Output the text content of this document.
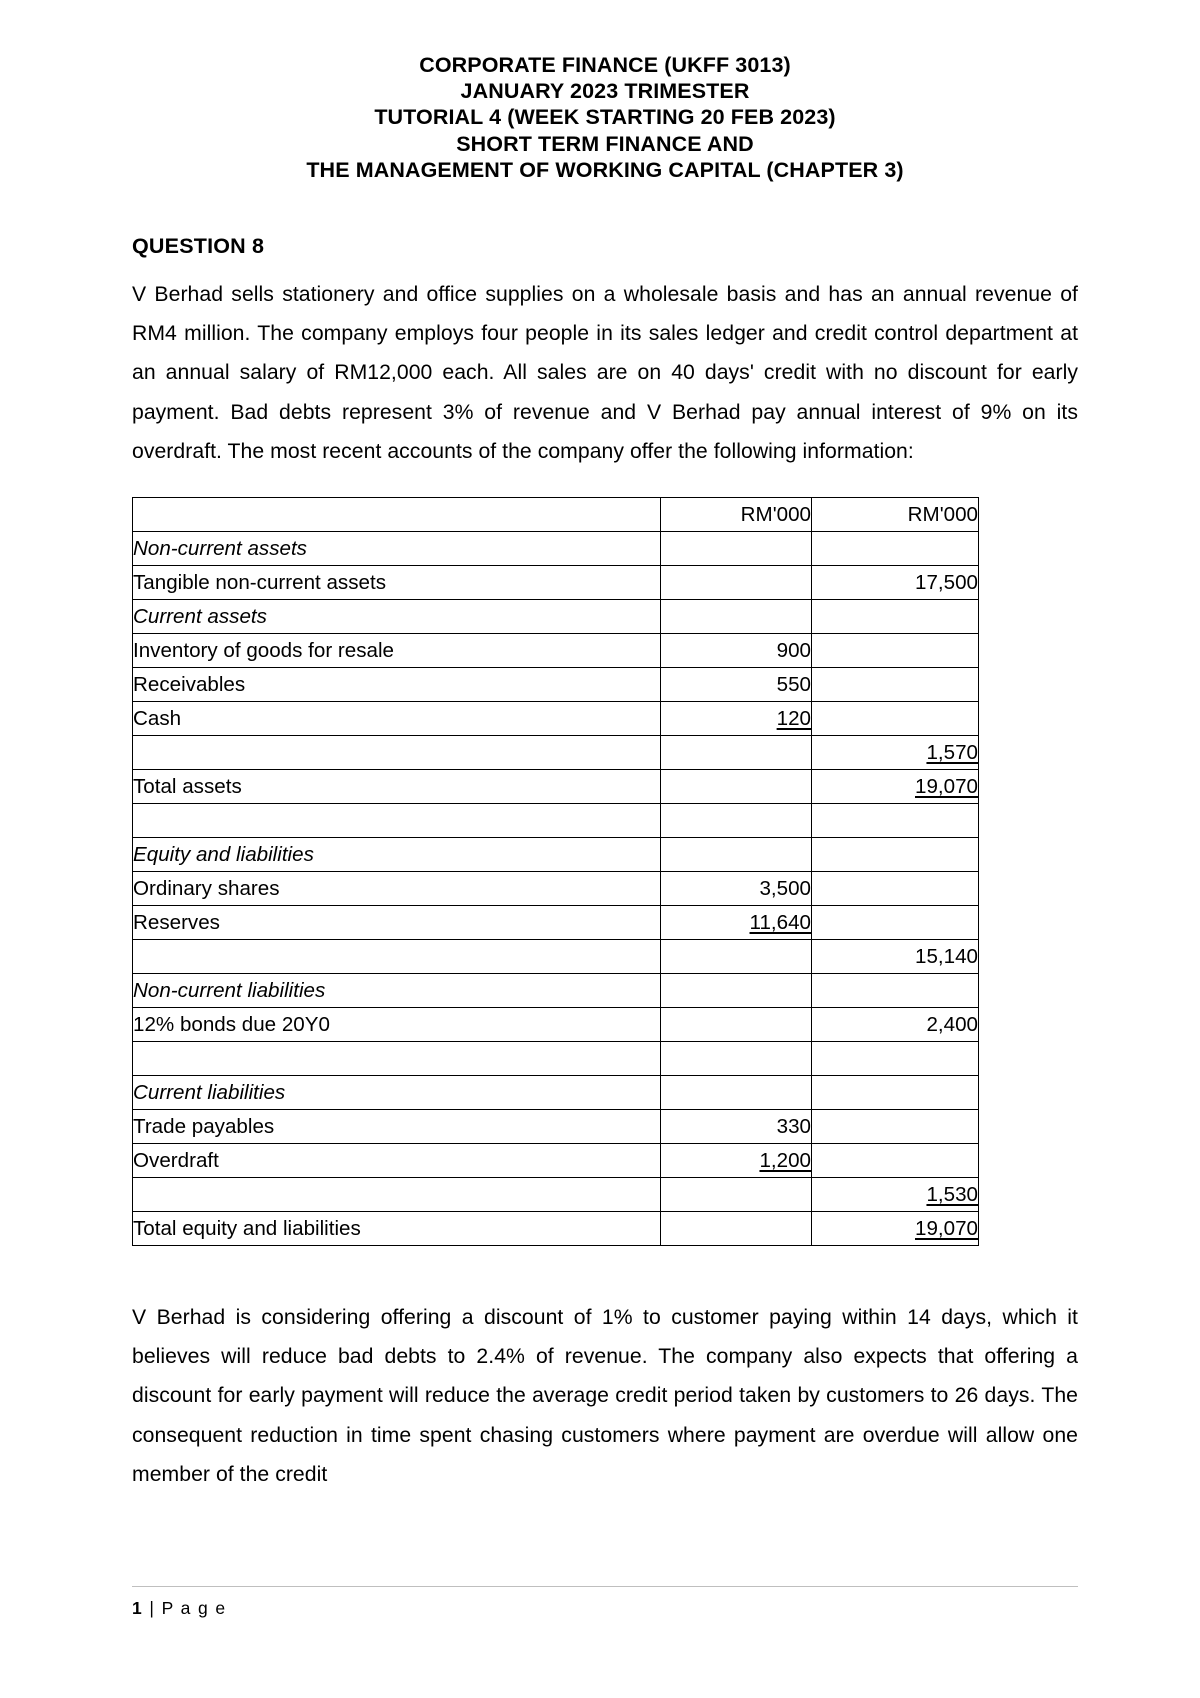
CORPORATE FINANCE (UKFF 3013)
JANUARY 2023 TRIMESTER
TUTORIAL 4 (WEEK STARTING 20 FEB 2023)
SHORT TERM FINANCE AND
THE MANAGEMENT OF WORKING CAPITAL (CHAPTER 3)
QUESTION 8

V Berhad sells stationery and office supplies on a wholesale basis and has an annual revenue of RM4 million. The company employs four people in its sales ledger and credit control department at an annual salary of RM12,000 each. All sales are on 40 days' credit with no discount for early payment. Bad debts represent 3% of revenue and V Berhad pay annual interest of 9% on its overdraft. The most recent accounts of the company offer the following information:

	RM'000	RM'000
Non-current assets		
Tangible non-current assets		17,500
Current assets		
Inventory of goods for resale	900	
Receivables	550	
Cash	120	
		1,570
Total assets		19,070

Equity and liabilities		
Ordinary shares	3,500	
Reserves	11,640	
		15,140
Non-current liabilities		
12% bonds due 20Y0		2,400

Current liabilities		
Trade payables	330	
Overdraft	1,200	
		1,530
Total equity and liabilities		19,070

V Berhad is considering offering a discount of 1% to customer paying within 14 days, which it believes will reduce bad debts to 2.4% of revenue. The company also expects that offering a discount for early payment will reduce the average credit period taken by customers to 26 days. The consequent reduction in time spent chasing customers where payment are overdue will allow one member of the credit

1 | P a g e
